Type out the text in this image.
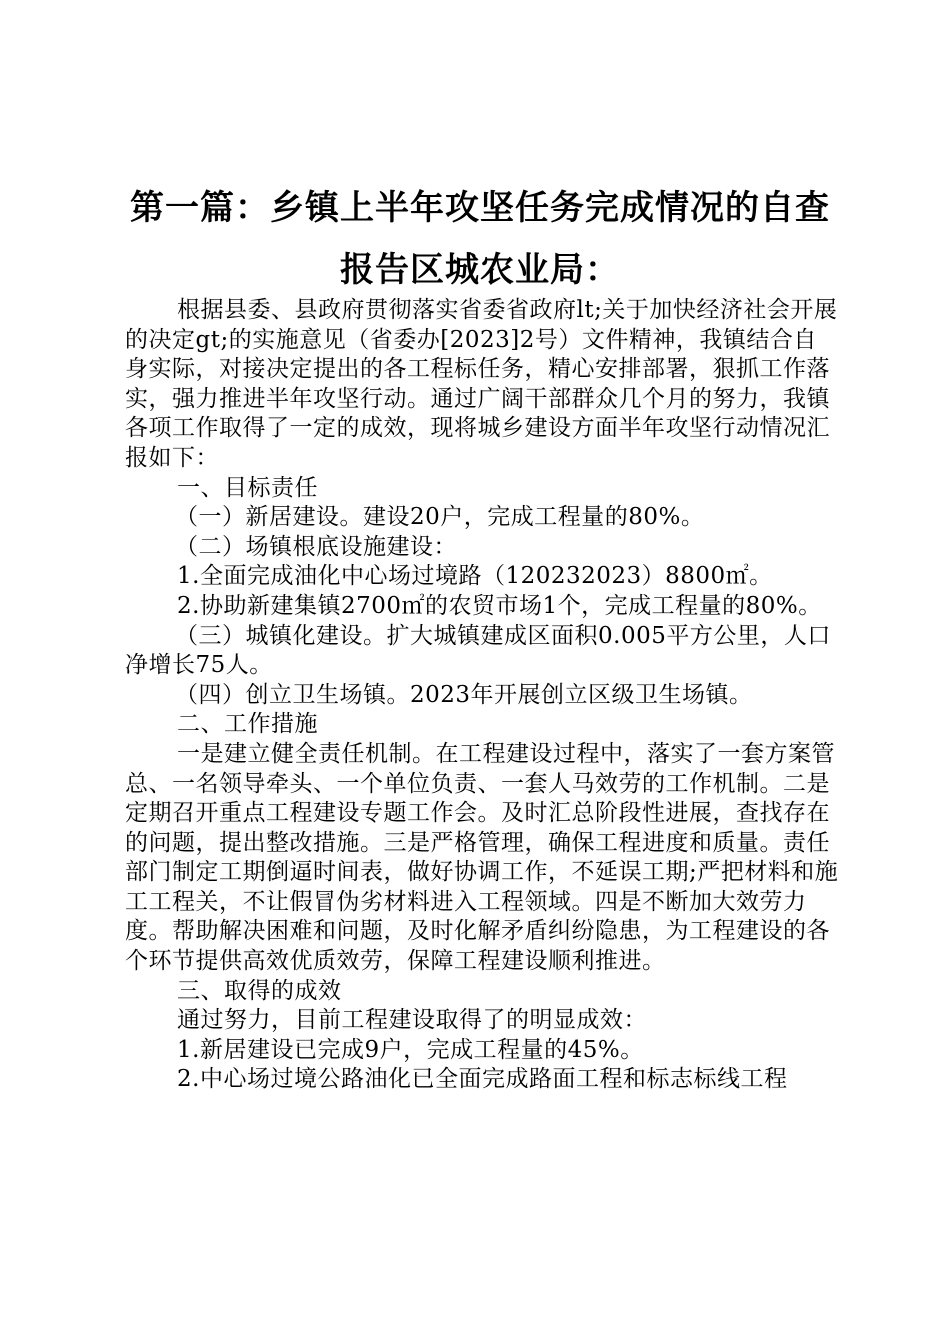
第一篇：乡镇上半年攻坚任务完成情况的自查
报告区城农业局：

根据县委、县政府贯彻落实省委省政府lt;关于加快经济社会开展的决定gt;的实施意见（省委办[2023]2号）文件精神，我镇结合自身实际，对接决定提出的各工程标任务，精心安排部署，狠抓工作落实，强力推进半年攻坚行动。通过广阔干部群众几个月的努力，我镇各项工作取得了一定的成效，现将城乡建设方面半年攻坚行动情况汇报如下：

一、目标责任

（一）新居建设。建设20户，完成工程量的80%。

（二）场镇根底设施建设：

1.全面完成油化中心场过境路（120232023）8800㎡。

2.协助新建集镇2700㎡的农贸市场1个，完成工程量的80%。

（三）城镇化建设。扩大城镇建成区面积0.005平方公里，人口净增长75人。

（四）创立卫生场镇。2023年开展创立区级卫生场镇。

二、工作措施

一是建立健全责任机制。在工程建设过程中，落实了一套方案管总、一名领导牵头、一个单位负责、一套人马效劳的工作机制。二是定期召开重点工程建设专题工作会。及时汇总阶段性进展，查找存在的问题，提出整改措施。三是严格管理，确保工程进度和质量。责任部门制定工期倒逼时间表，做好协调工作，不延误工期;严把材料和施工工程关，不让假冒伪劣材料进入工程领域。四是不断加大效劳力度。帮助解决困难和问题，及时化解矛盾纠纷隐患，为工程建设的各个环节提供高效优质效劳，保障工程建设顺利推进。

三、取得的成效

通过努力，目前工程建设取得了的明显成效：

1.新居建设已完成9户，完成工程量的45%。

2.中心场过境公路油化已全面完成路面工程和标志标线工程
